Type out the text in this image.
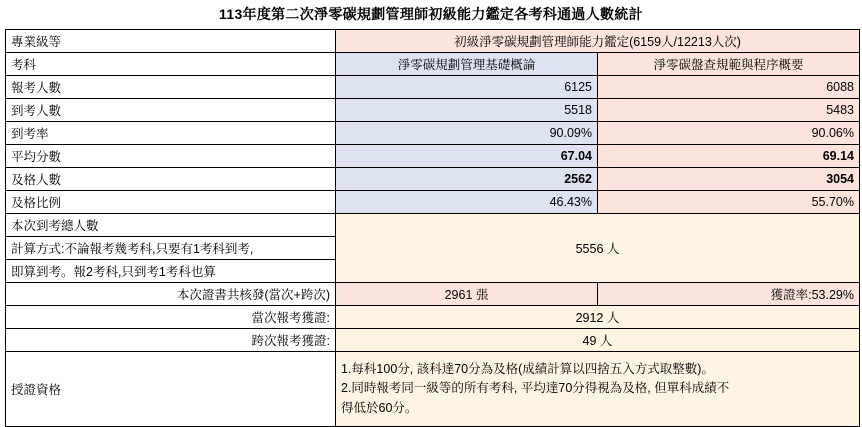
113年度第二次淨零碳規劃管理師初級能力鑑定各考科通過人數統計
專業級等	初級淨零碳規劃管理師能力鑑定(6159人/12213人次)	
考科	淨零碳規劃管理基礎概論	淨零碳盤查規範與程序概要
報考人數	6125	6088
到考人數	5518	5483
到考率	90.09%	90.06%
平均分數	67.04	69.14
及格人數	2562	3054
及格比例	46.43%	55.70%
本次到考總人數	5556 人	
計算方式:不論報考幾考科,只要有1考科到考,		
即算到考。報2考科,只到考1考科也算		
本次證書共核發(當次+跨次)	2961 張	獲證率:53.29%
當次報考獲證:	2912 人	
跨次報考獲證:	49 人	
授證資格	1.每科100分, 該科達70分為及格(成績計算以四捨五入方式取整數)。
2.同時報考同一級等的所有考科, 平均達70分得視為及格, 但單科成績不
得低於60分。	
